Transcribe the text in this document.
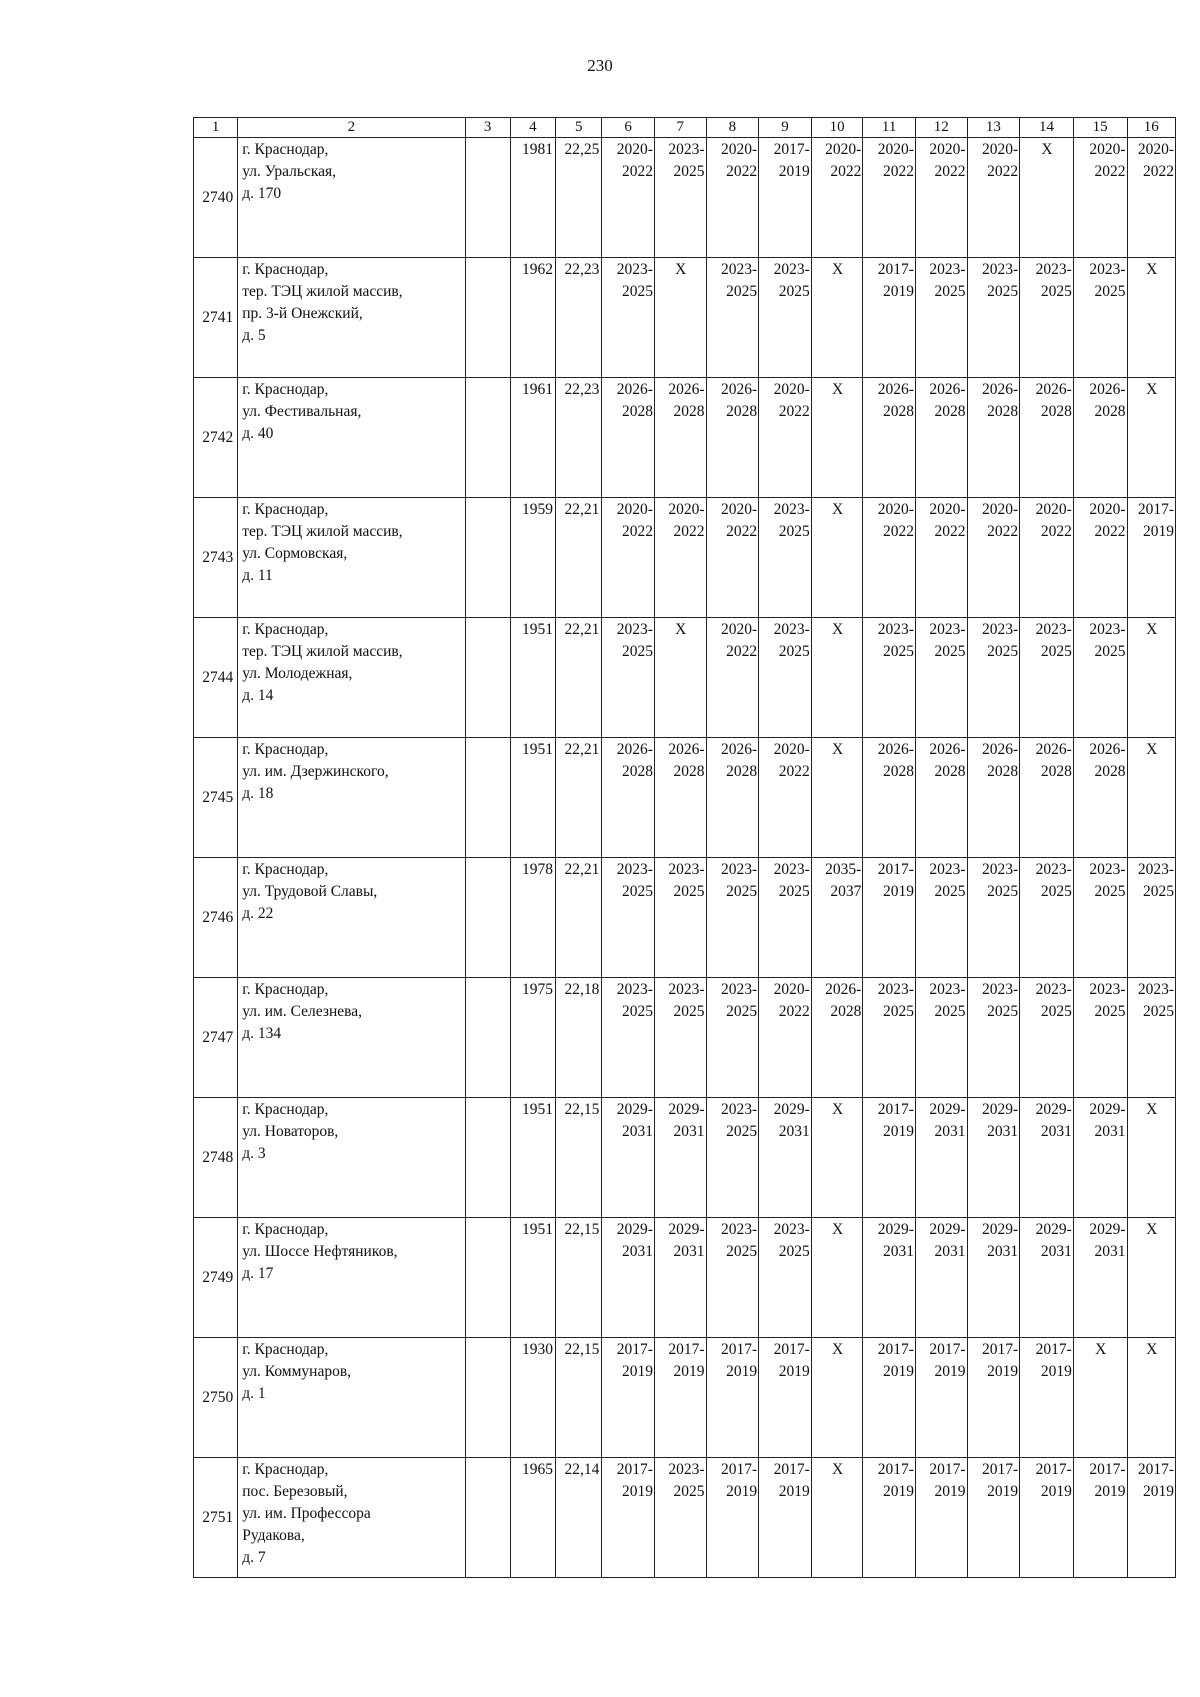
230
1	2	3	4	5	6	7	8	9	10	11	12	13	14	15	16
2740	г. Краснодар,
ул. Уральская,
д. 170		1981	22,25	2020-
2022	2023-
2025	2020-
2022	2017-
2019	2020-
2022	2020-
2022	2020-
2022	2020-
2022	X	2020-
2022	2020-
2022

2741	г. Краснодар,
тер. ТЭЦ жилой массив,
пр. 3-й Онежский,
д. 5		1962	22,23	2023-
2025	X	2023-
2025	2023-
2025	X	2017-
2019	2023-
2025	2023-
2025	2023-
2025	2023-
2025	X
2742	г. Краснодар,
ул. Фестивальная,
д. 40		1961	22,23	2026-
2028	2026-
2028	2026-
2028	2020-
2022	X	2026-
2028	2026-
2028	2026-
2028	2026-
2028	2026-
2028	X
2743	г. Краснодар,
тер. ТЭЦ жилой массив,
ул. Сормовская,
д. 11		1959	22,21	2020-
2022	2020-
2022	2020-
2022	2023-
2025	X	2020-
2022	2020-
2022	2020-
2022	2020-
2022	2020-
2022	2017-
2019

2744	г. Краснодар,
тер. ТЭЦ жилой массив,
ул. Молодежная,
д. 14		1951	22,21	2023-
2025	X	2020-
2022	2023-
2025	X	2023-
2025	2023-
2025	2023-
2025	2023-
2025	2023-
2025	X
2745	г. Краснодар,
ул. им. Дзержинского,
д. 18		1951	22,21	2026-
2028	2026-
2028	2026-
2028	2020-
2022	X	2026-
2028	2026-
2028	2026-
2028	2026-
2028	2026-
2028	X
2746	г. Краснодар,
ул. Трудовой Славы,
д. 22		1978	22,21	2023-
2025	2023-
2025	2023-
2025	2023-
2025	2035-
2037	2017-
2019	2023-
2025	2023-
2025	2023-
2025	2023-
2025	2023-
2025

2747	г. Краснодар,
ул. им. Селезнева,
д. 134		1975	22,18	2023-
2025	2023-
2025	2023-
2025	2020-
2022	2026-
2028	2023-
2025	2023-
2025	2023-
2025	2023-
2025	2023-
2025	2023-
2025

2748	г. Краснодар,
ул. Новаторов,
д. 3		1951	22,15	2029-
2031	2029-
2031	2023-
2025	2029-
2031	X	2017-
2019	2029-
2031	2029-
2031	2029-
2031	2029-
2031	X
2749	г. Краснодар,
ул. Шоссе Нефтяников,
д. 17		1951	22,15	2029-
2031	2029-
2031	2023-
2025	2023-
2025	X	2029-
2031	2029-
2031	2029-
2031	2029-
2031	2029-
2031	X
2750	г. Краснодар,
ул. Коммунаров,
д. 1		1930	22,15	2017-
2019	2017-
2019	2017-
2019	2017-
2019	X	2017-
2019	2017-
2019	2017-
2019	2017-
2019	X	X
2751	г. Краснодар,
пос. Березовый,
ул. им. Профессора
Рудакова,
д. 7		1965	22,14	2017-
2019	2023-
2025	2017-
2019	2017-
2019	X	2017-
2019	2017-
2019	2017-
2019	2017-
2019	2017-
2019	2017-
2019
